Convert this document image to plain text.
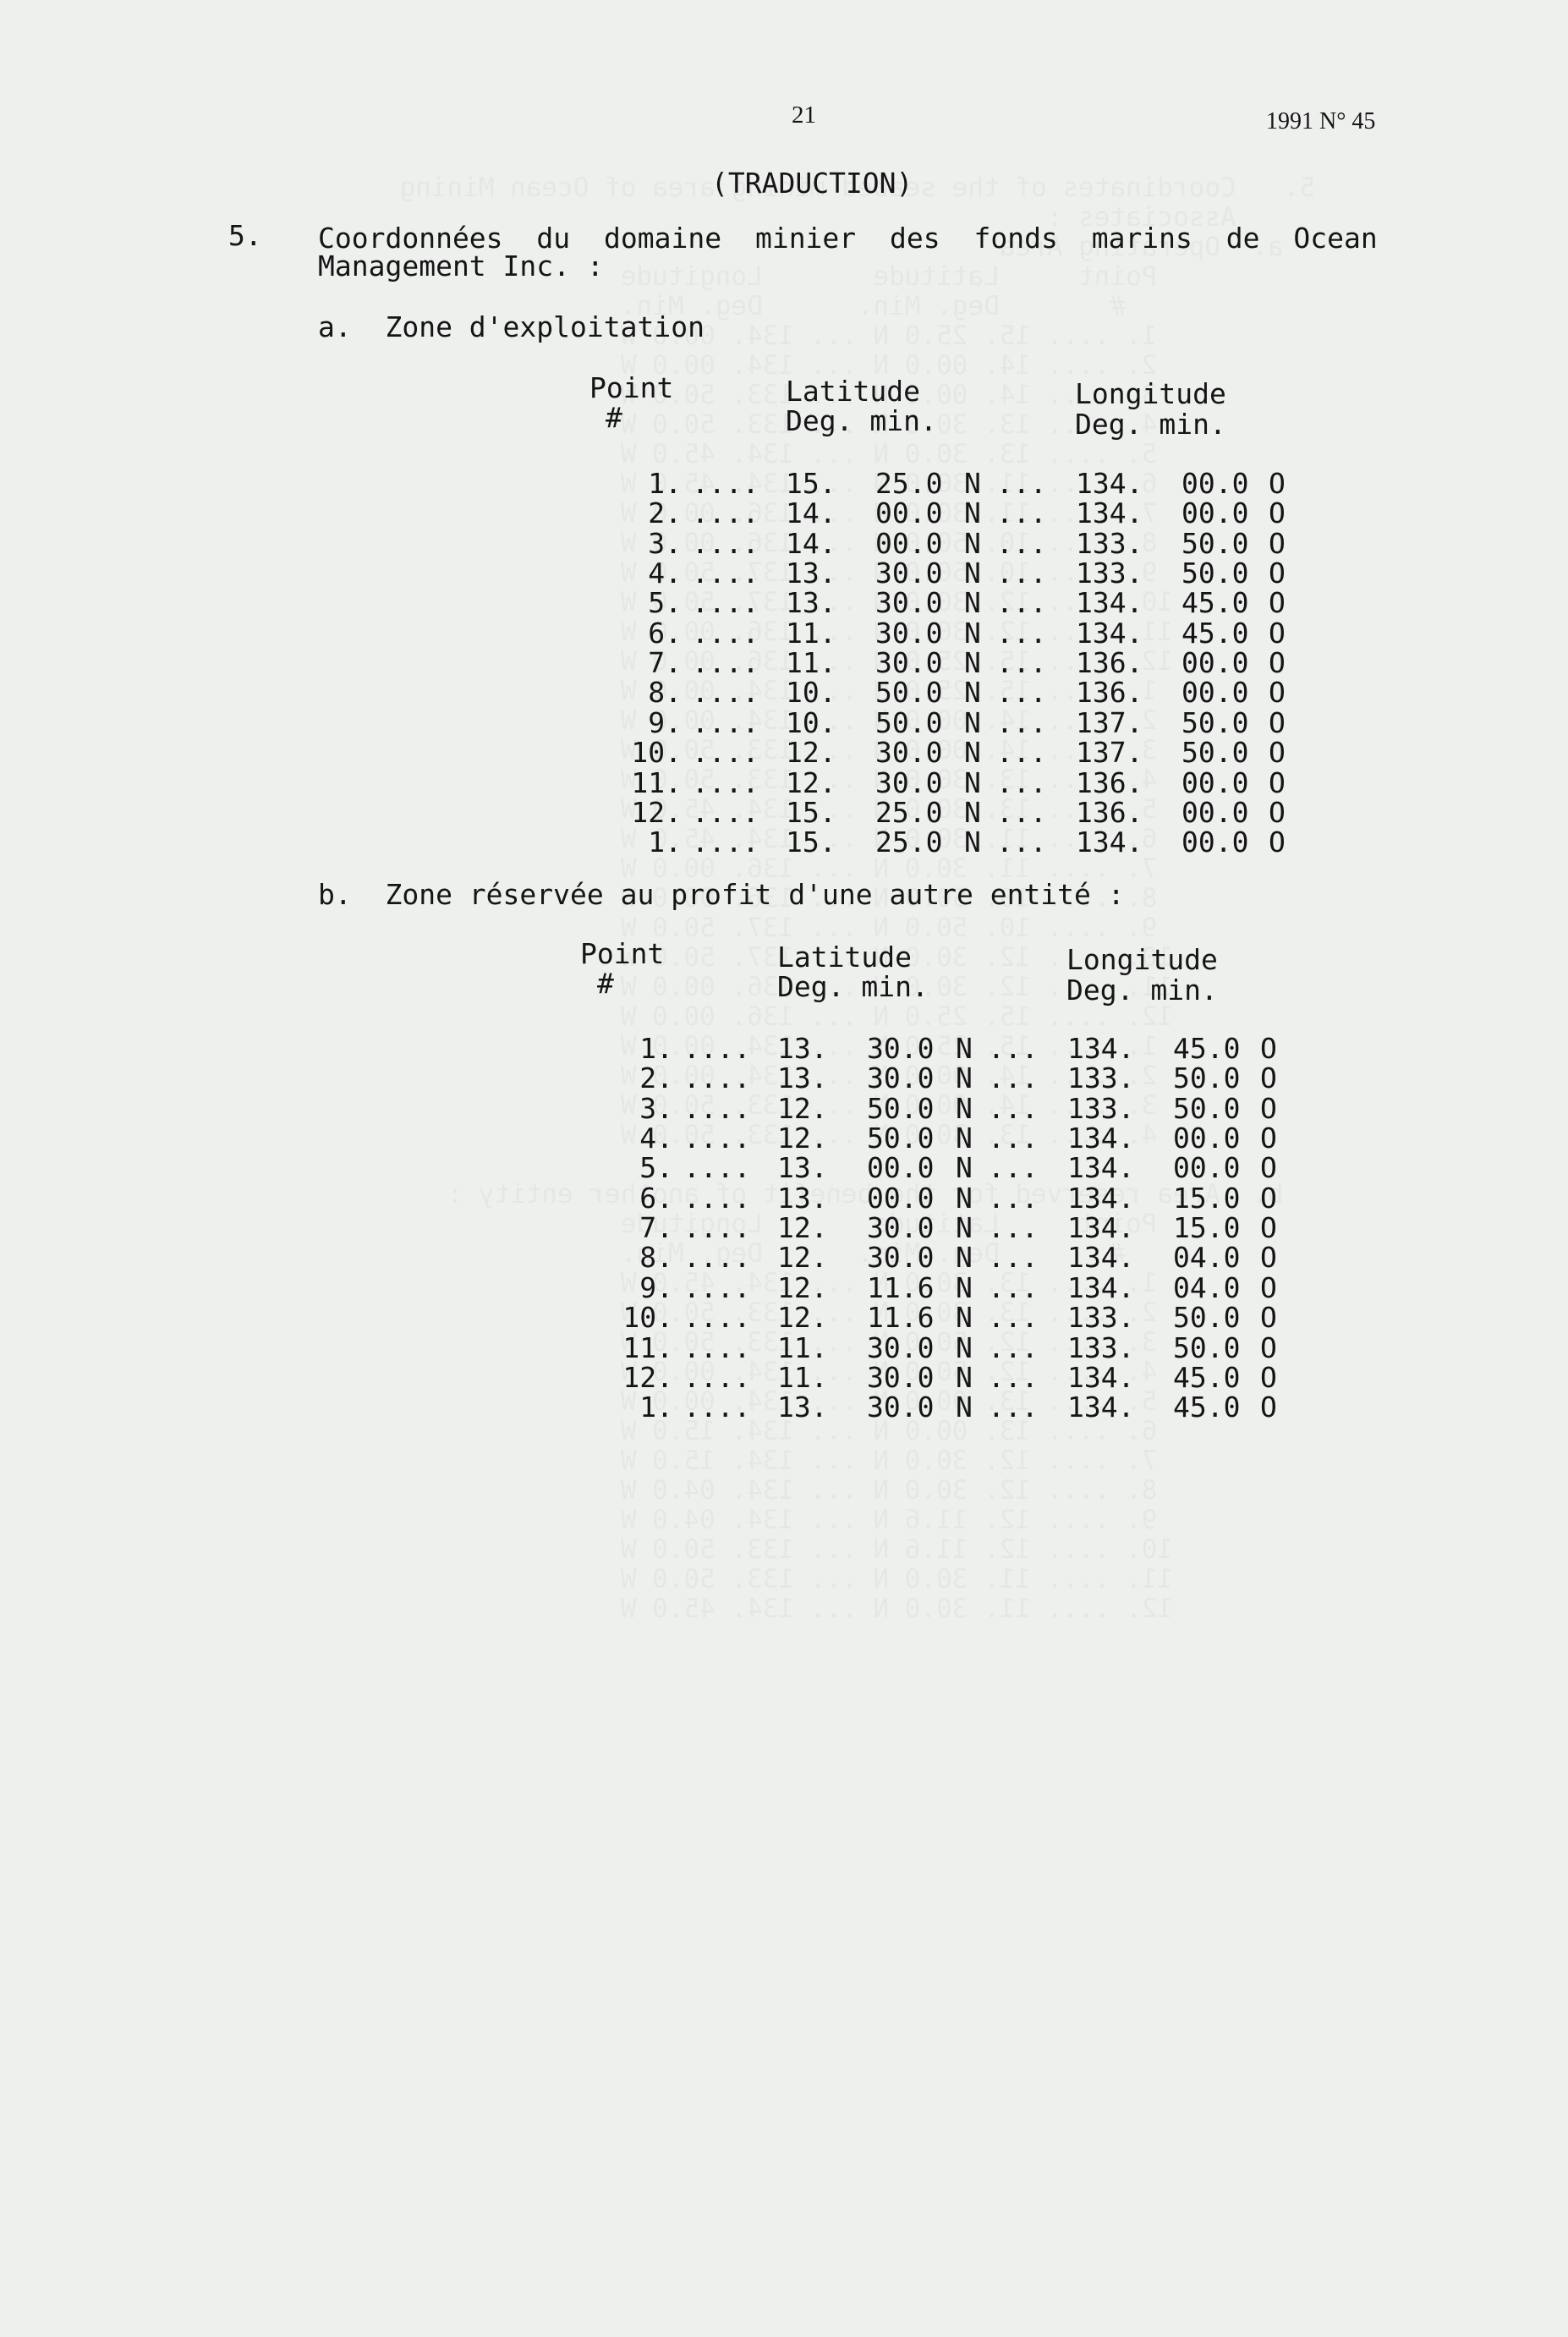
21	1991 N° 45
(TRADUCTION)
5. Coordonnées du domaine minier des fonds marins de Ocean
Management Inc. :
a.  Zone d'exploitation
Point
#
Latitude
Deg. min.
Longitude
Deg. min.
1. .... 15. 25.0 N ... 134. 00.0 O
2. .... 14. 00.0 N ... 134. 00.0 O
3. .... 14. 00.0 N ... 133. 50.0 O
4. .... 13. 30.0 N ... 133. 50.0 O
5. .... 13. 30.0 N ... 134. 45.0 O
6. .... 11. 30.0 N ... 134. 45.0 O
7. .... 11. 30.0 N ... 136. 00.0 O
8. .... 10. 50.0 N ... 136. 00.0 O
9. .... 10. 50.0 N ... 137. 50.0 O
10. .... 12. 30.0 N ... 137. 50.0 O
11. .... 12. 30.0 N ... 136. 00.0 O
12. .... 15. 25.0 N ... 136. 00.0 O
1. .... 15. 25.0 N ... 134. 00.0 O
b.  Zone réservée au profit d'une autre entité :
Point
#
Latitude
Deg. min.
Longitude
Deg. min.
1. .... 13. 30.0 N ... 134. 45.0 O
2. .... 13. 30.0 N ... 133. 50.0 O
3. .... 12. 50.0 N ... 133. 50.0 O
4. .... 12. 50.0 N ... 134. 00.0 O
5. .... 13. 00.0 N ... 134. 00.0 O
6. .... 13. 00.0 N ... 134. 15.0 O
7. .... 12. 30.0 N ... 134. 15.0 O
8. .... 12. 30.0 N ... 134. 04.0 O
9. .... 12. 11.6 N ... 134. 04.0 O
10. .... 12. 11.6 N ... 133. 50.0 O
11. .... 11. 30.0 N ... 133. 50.0 O
12. .... 11. 30.0 N ... 134. 45.0 O
1. .... 13. 30.0 N ... 134. 45.0 O
